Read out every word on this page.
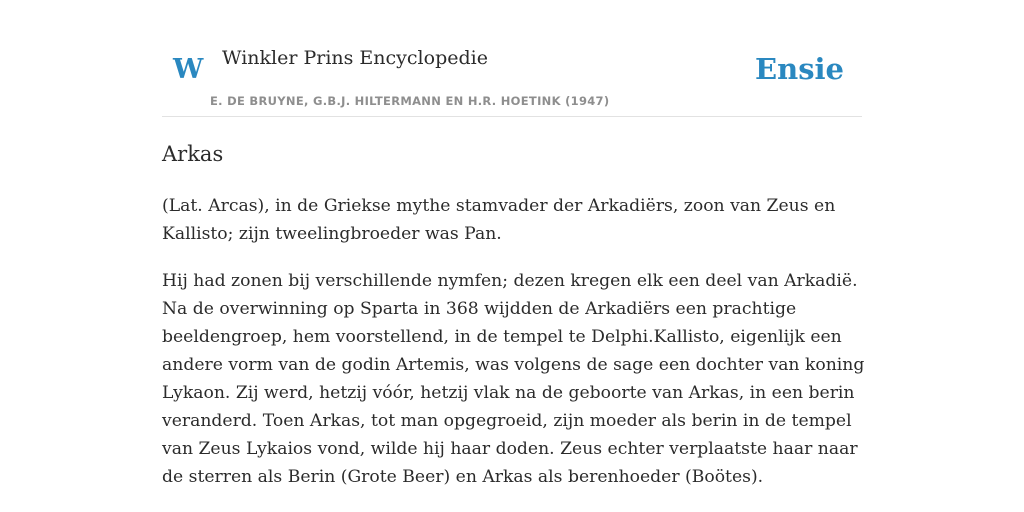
W Winkler Prins Encyclopedie
E. DE BRUYNE, G.B.J. HILTERMANN EN H.R. HOETINK (1947)
Ensie
Arkas

(Lat. Arcas), in de Griekse mythe stamvader der Arkadiërs, zoon van Zeus en Kallisto; zijn tweelingbroeder was Pan.

Hij had zonen bij verschillende nymfen; dezen kregen elk een deel van Arkadië. Na de overwinning op Sparta in 368 wijdden de Arkadiërs een prachtige beeldengroep, hem voorstellend, in de tempel te Delphi.Kallisto, eigenlijk een andere vorm van de godin Artemis, was volgens de sage een dochter van koning Lykaon. Zij werd, hetzij vóór, hetzij vlak na de geboorte van Arkas, in een berin veranderd. Toen Arkas, tot man opgegroeid, zijn moeder als berin in de tempel van Zeus Lykaios vond, wilde hij haar doden. Zeus echter verplaatste haar naar de sterren als Berin (Grote Beer) en Arkas als berenhoeder (Boötes).
